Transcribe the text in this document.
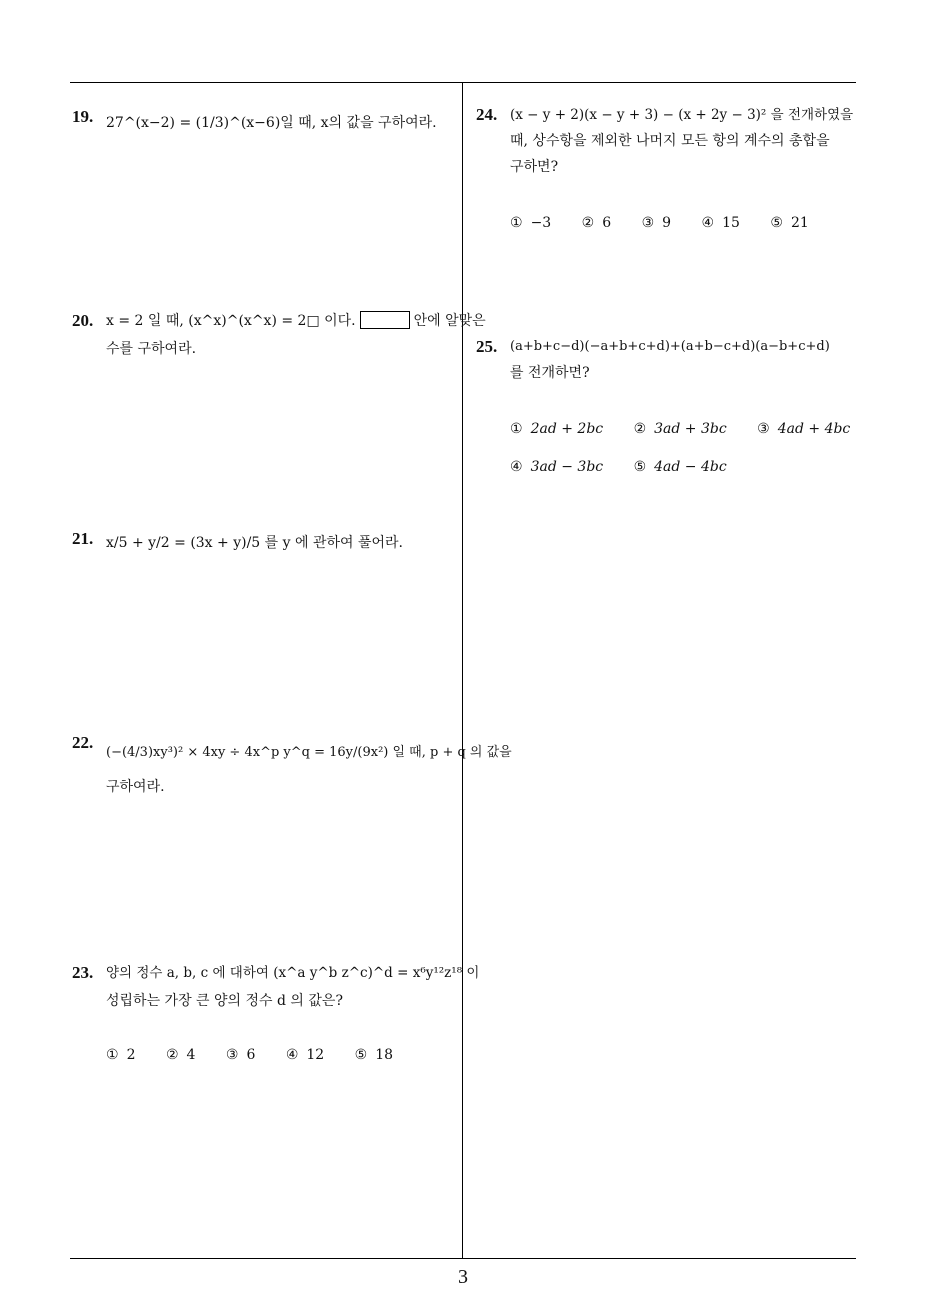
19. 27^(x−2) = (1/3)^(x−6)일 때, x의 값을 구하여라.
20. x = 2 일 때, (x^x)^(x^x) = 2□ 이다.	안에 알맞은
수를 구하여라.
21. x/5 + y/2 = (3x + y)/5 를 y 에 관하여 풀어라.
22.
(−(4/3)xy³)² × 4xy ÷ 4x^p y^q = 16y/(9x²) 일 때, p + q 의 값을
구하여라.
23. 양의 정수 a, b, c 에 대하여 (x^a y^b z^c)^d = x⁶y¹²z¹⁸ 이
성립하는 가장 큰 양의 정수 d 의 값은?
① 2 ② 4 ③ 6 ④ 12 ⑤ 18
24. (x − y + 2)(x − y + 3) − (x + 2y − 3)² 을 전개하였을
때, 상수항을 제외한 나머지 모든 항의 계수의 총합을
구하면?
① −3 ② 6 ③ 9 ④ 15 ⑤ 21
25. (a+b+c−d)(−a+b+c+d)+(a+b−c+d)(a−b+c+d)
를 전개하면?
① 2ad + 2bc ② 3ad + 3bc ③ 4ad + 4bc
④ 3ad − 3bc ⑤ 4ad − 4bc
3
